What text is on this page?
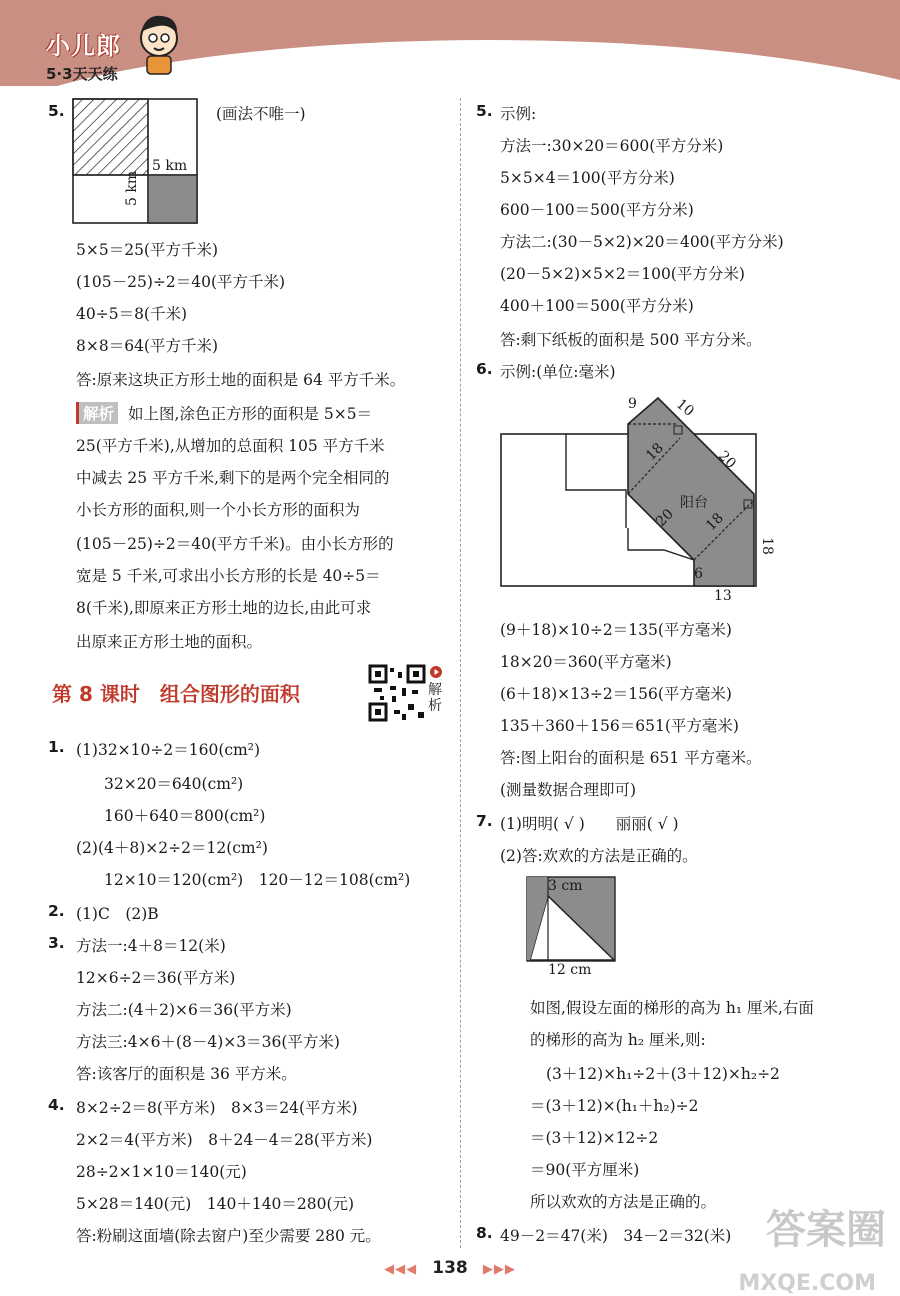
小儿郎
5·3天天练
5.
5 km
5 km
(画法不唯一)
5×5＝25(平方千米)
(105－25)÷2＝40(平方千米)
40÷5＝8(千米)
8×8＝64(平方千米)
答:原来这块正方形土地的面积是 64 平方千米。
解析 如上图,涂色正方形的面积是 5×5＝
25(平方千米),从增加的总面积 105 平方千米
中减去 25 平方千米,剩下的是两个完全相同的
小长方形的面积,则一个小长方形的面积为
(105－25)÷2＝40(平方千米)。由小长方形的
宽是 5 千米,可求出小长方形的长是 40÷5＝
8(千米),即原来正方形土地的边长,由此可求
出原来正方形土地的面积。
第 8 课时　组合图形的面积	解析
1. (1)32×10÷2＝160(cm²)
32×20＝640(cm²)
160＋640＝800(cm²)
(2)(4＋8)×2÷2＝12(cm²)
12×10＝120(cm²)　120－12＝108(cm²)
2. (1)C　(2)B
3. 方法一:4＋8＝12(米)
12×6÷2＝36(平方米)
方法二:(4＋2)×6＝36(平方米)
方法三:4×6＋(8－4)×3＝36(平方米)
答:该客厅的面积是 36 平方米。
4. 8×2÷2＝8(平方米)　8×3＝24(平方米)
2×2＝4(平方米)　8＋24－4＝28(平方米)
28÷2×1×10＝140(元)
5×28＝140(元)　140＋140＝280(元)
答:粉刷这面墙(除去窗户)至少需要 280 元。
5. 示例:
方法一:30×20＝600(平方分米)
5×5×4＝100(平方分米)
600－100＝500(平方分米)
方法二:(30－5×2)×20＝400(平方分米)
(20－5×2)×5×2＝100(平方分米)
400＋100＝500(平方分米)
答:剩下纸板的面积是 500 平方分米。
6. 示例:(单位:毫米)
9	10
18	20
阳台
20 18
18
6
13
(9＋18)×10÷2＝135(平方毫米)
18×20＝360(平方毫米)
(6＋18)×13÷2＝156(平方毫米)
135＋360＋156＝651(平方毫米)
答:图上阳台的面积是 651 平方毫米。
(测量数据合理即可)
7. (1)明明( √ )　　丽丽( √ )
(2)答:欢欢的方法是正确的。
3 cm
12 cm
如图,假设左面的梯形的高为 h₁ 厘米,右面
的梯形的高为 h₂ 厘米,则:
(3＋12)×h₁÷2＋(3＋12)×h₂÷2
＝(3＋12)×(h₁＋h₂)÷2
＝(3＋12)×12÷2
＝90(平方厘米)
所以欢欢的方法是正确的。
8. 49－2＝47(米)　34－2＝32(米)
◀◀◀ 138 ▶▶▶
答案圈
MXQE.COM
